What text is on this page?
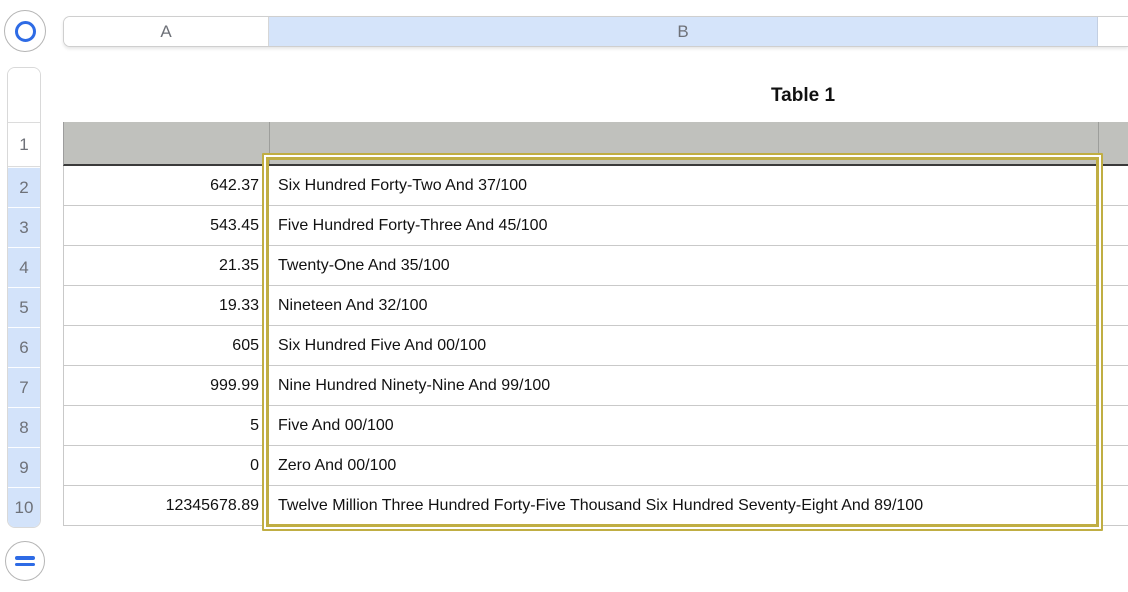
A	B
1
2
3
4
5
6
7
8
9
10
Table 1
642.37	Six Hundred Forty-Two And 37/100
543.45	Five Hundred Forty-Three And 45/100
21.35	Twenty-One And 35/100
19.33	Nineteen And 32/100
605	Six Hundred Five And 00/100
999.99	Nine Hundred Ninety-Nine And 99/100
5	Five And 00/100
0	Zero And 00/100
12345678.89	Twelve Million Three Hundred Forty-Five Thousand Six Hundred Seventy-Eight And 89/100
